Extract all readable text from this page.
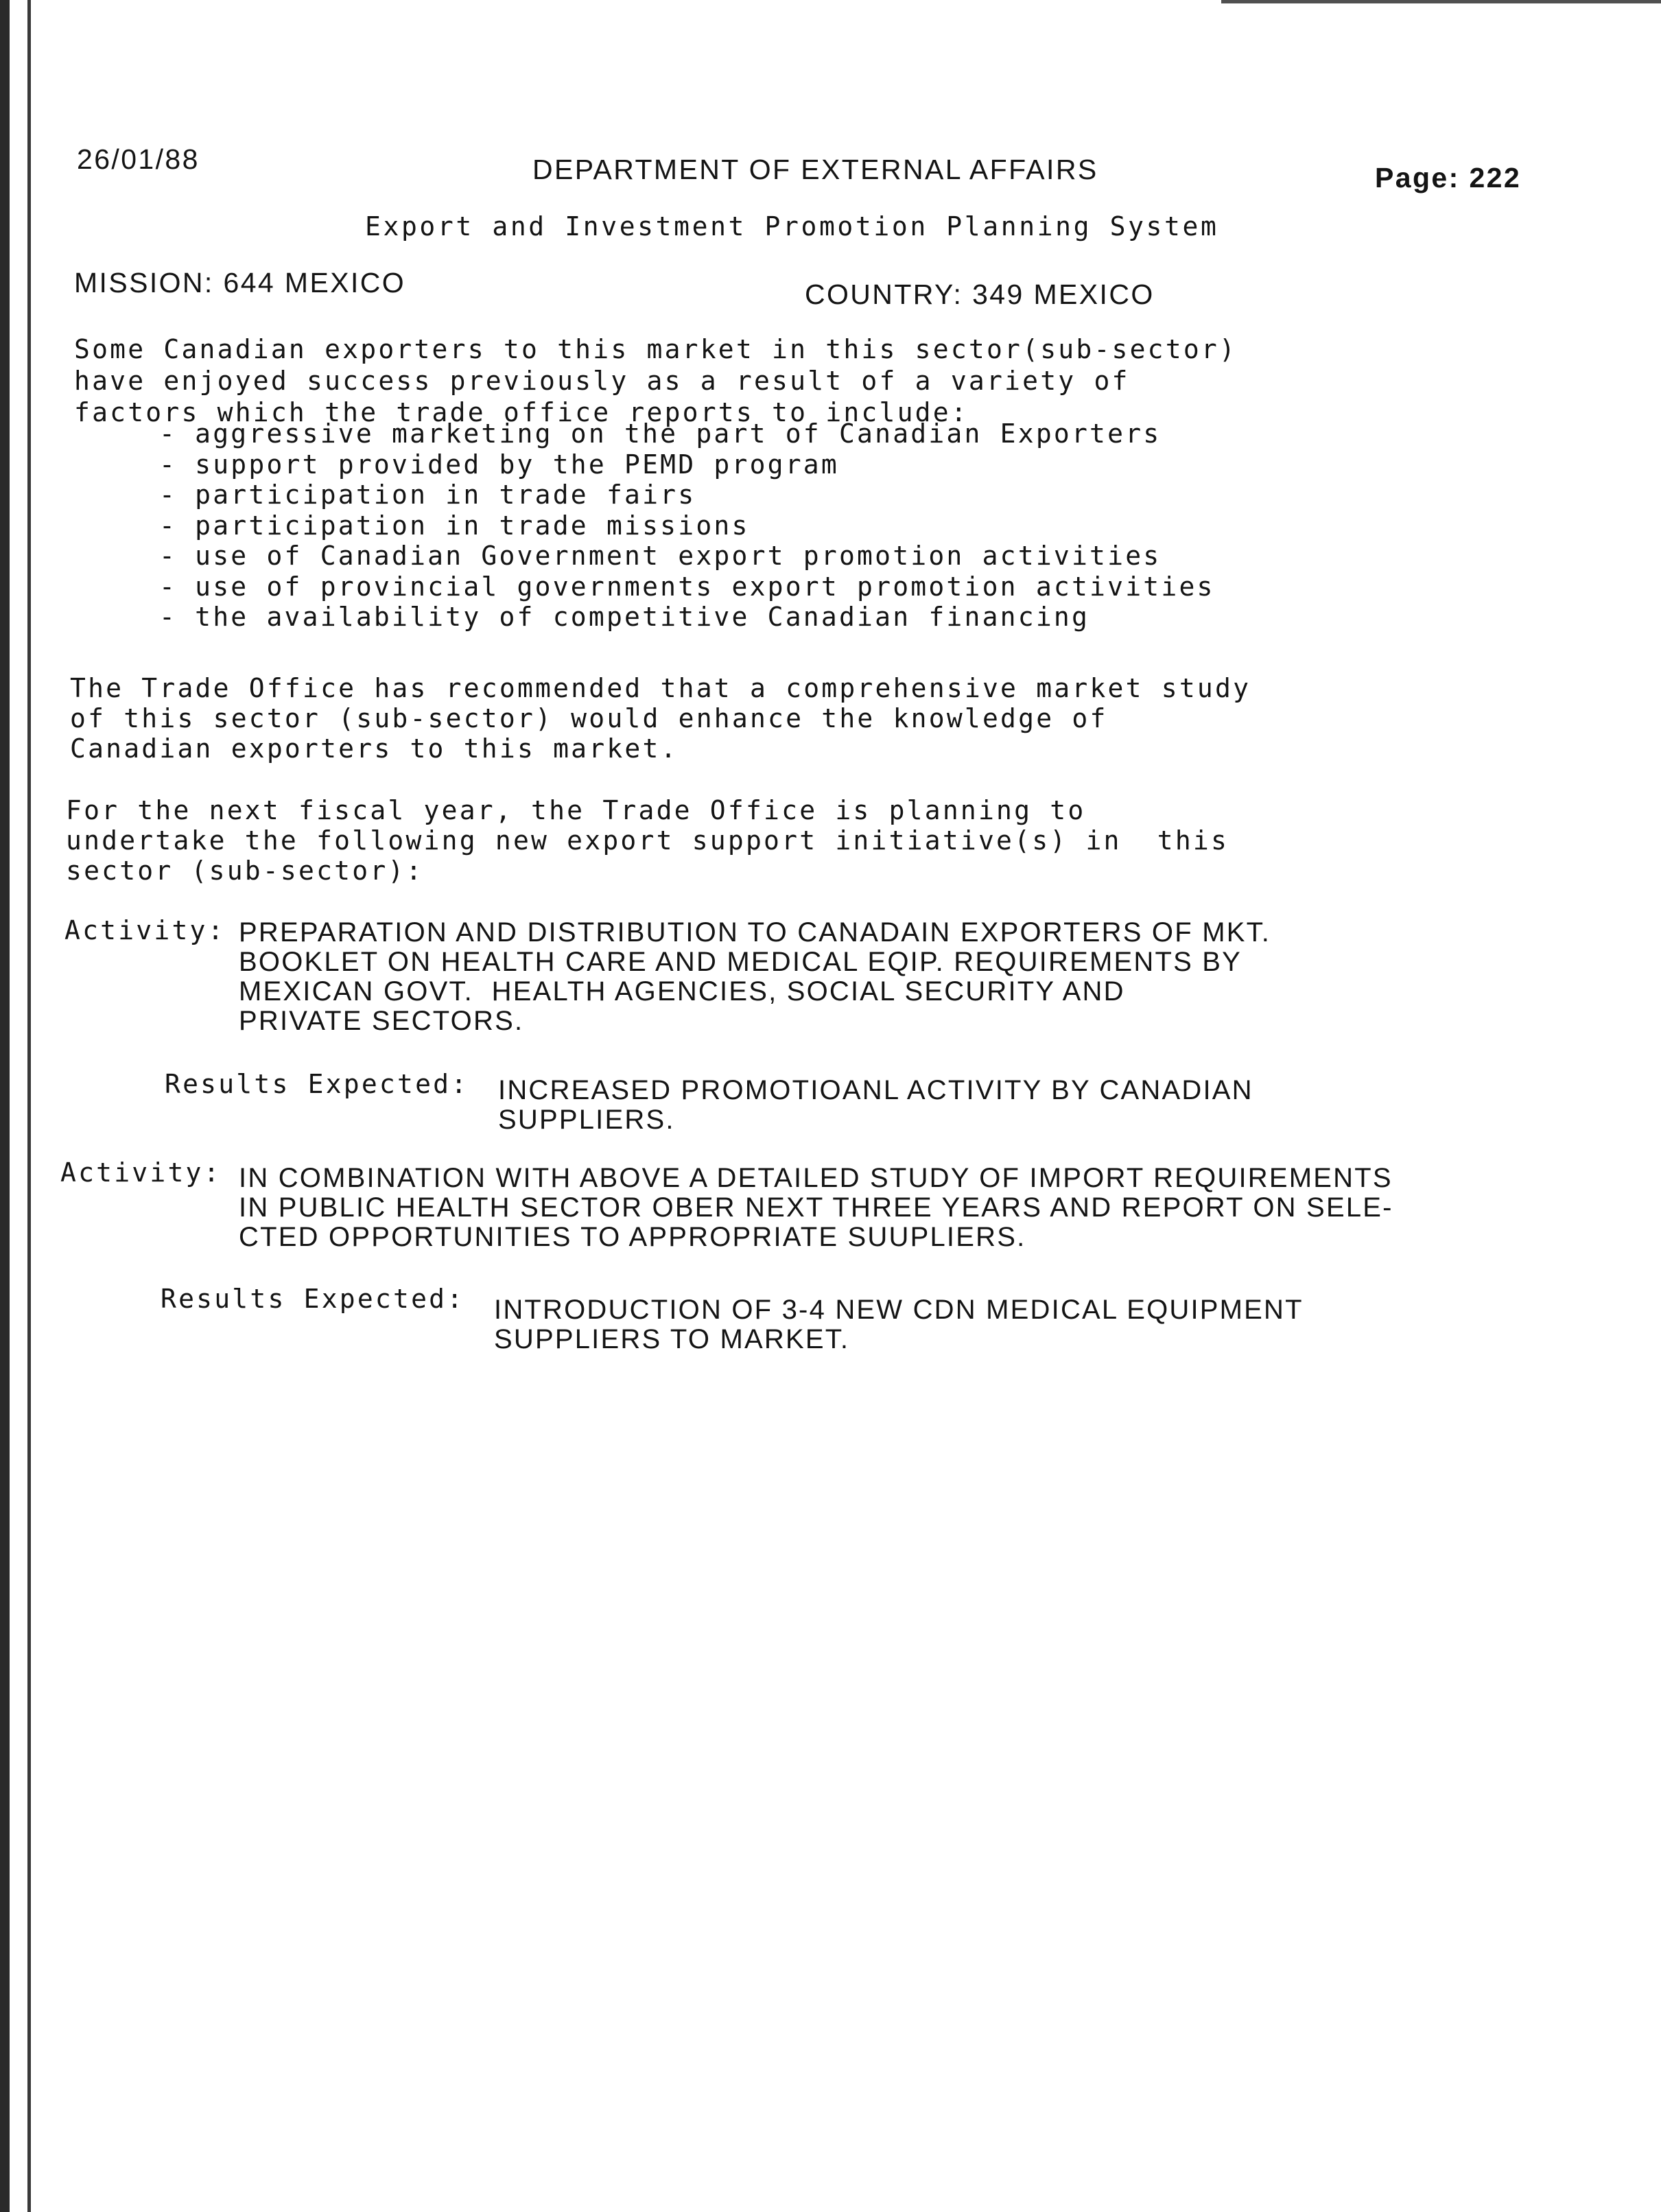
26/01/88	DEPARTMENT OF EXTERNAL AFFAIRS	Page: 222
Export and Investment Promotion Planning System
MISSION: 644 MEXICO	COUNTRY: 349 MEXICO
Some Canadian exporters to this market in this sector(sub-sector)
have enjoyed success previously as a result of a variety of
factors which the trade office reports to include:
- aggressive marketing on the part of Canadian Exporters
- support provided by the PEMD program
- participation in trade fairs
- participation in trade missions
- use of Canadian Government export promotion activities
- use of provincial governments export promotion activities
- the availability of competitive Canadian financing
The Trade Office has recommended that a comprehensive market study
of this sector (sub-sector) would enhance the knowledge of
Canadian exporters to this market.
For the next fiscal year, the Trade Office is planning to
undertake the following new export support initiative(s) in  this
sector (sub-sector):
Activity: PREPARATION AND DISTRIBUTION TO CANADAIN EXPORTERS OF MKT.
BOOKLET ON HEALTH CARE AND MEDICAL EQIP. REQUIREMENTS BY
MEXICAN GOVT.  HEALTH AGENCIES, SOCIAL SECURITY AND
PRIVATE SECTORS.
Results Expected: INCREASED PROMOTIOANL ACTIVITY BY CANADIAN
SUPPLIERS.
Activity: IN COMBINATION WITH ABOVE A DETAILED STUDY OF IMPORT REQUIREMENTS
IN PUBLIC HEALTH SECTOR OBER NEXT THREE YEARS AND REPORT ON SELE-
CTED OPPORTUNITIES TO APPROPRIATE SUUPLIERS.
Results Expected: INTRODUCTION OF 3-4 NEW CDN MEDICAL EQUIPMENT
SUPPLIERS TO MARKET.
